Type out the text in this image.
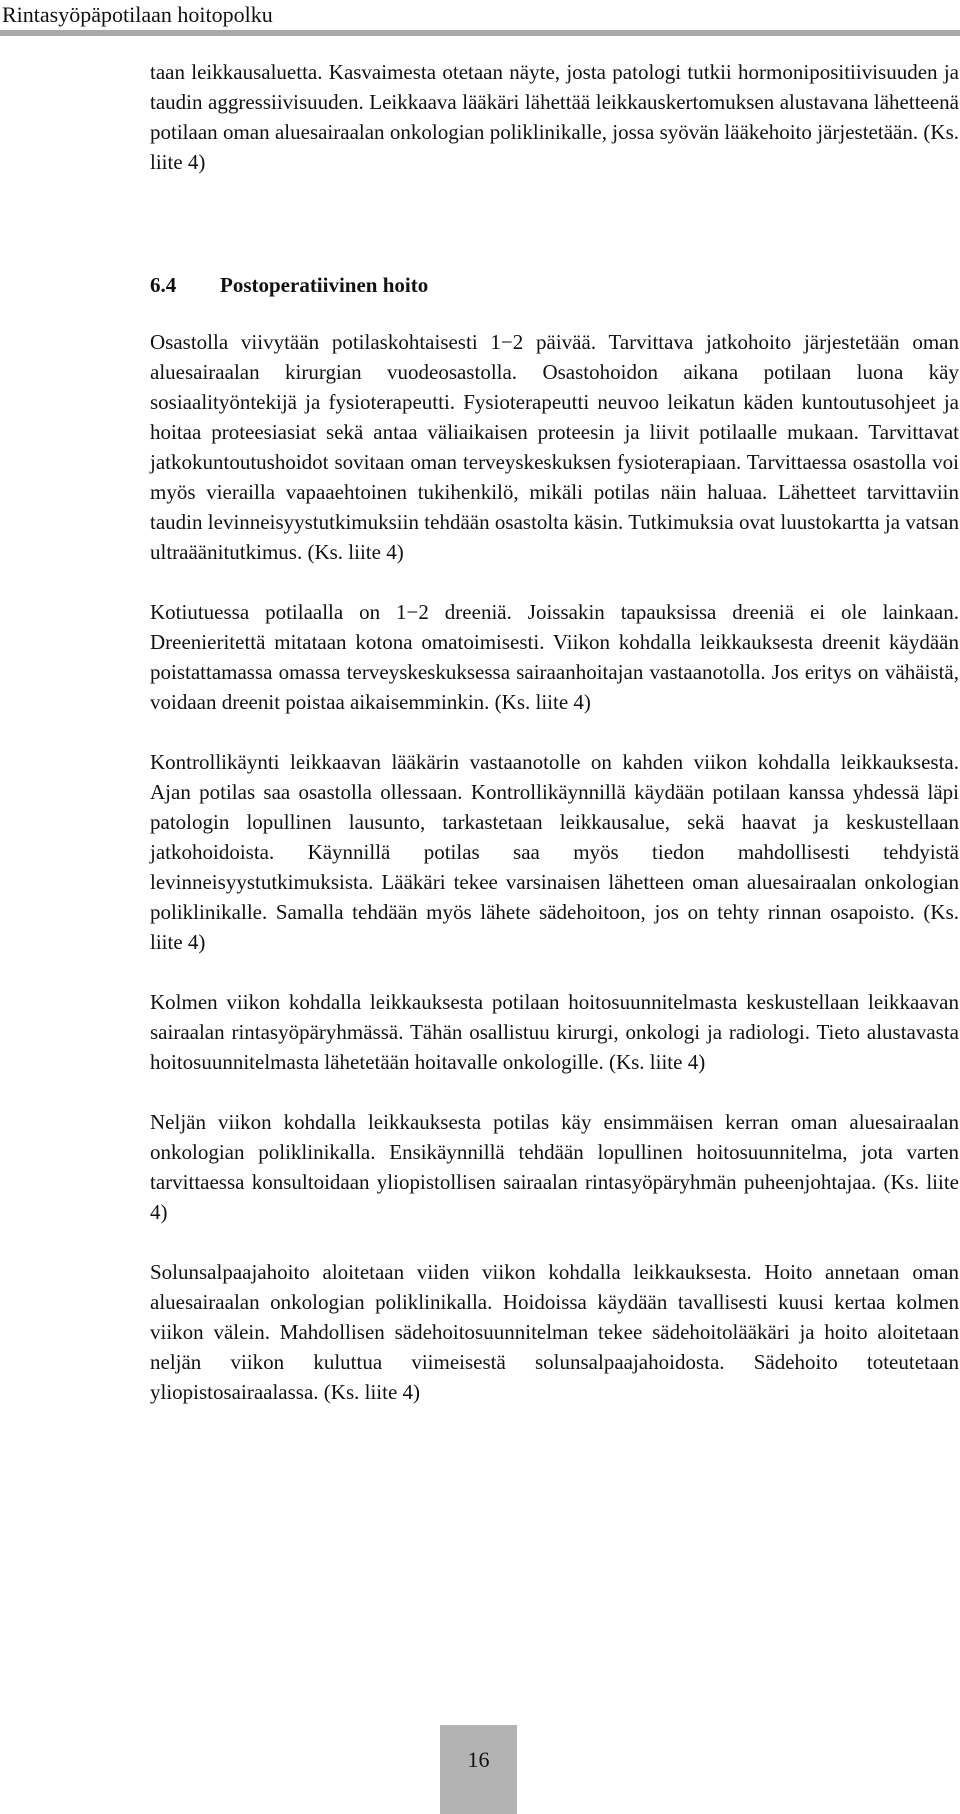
Rintasyöpäpotilaan hoitopolku

taan leikkausaluetta. Kasvaimesta otetaan näyte, josta patologi tutkii hormonipositiivisuuden ja taudin aggressiivisuuden. Leikkaava lääkäri lähettää leikkauskertomuksen alustavana lähetteenä potilaan oman aluesairaalan onkologian poliklinikalle, jossa syövän lääkehoito järjestetään. (Ks. liite 4)

6.4 Postoperatiivinen hoito

Osastolla viivytään potilaskohtaisesti 1−2 päivää. Tarvittava jatkohoito järjestetään oman aluesairaalan kirurgian vuodeosastolla. Osastohoidon aikana potilaan luona käy sosiaalityöntekijä ja fysioterapeutti. Fysioterapeutti neuvoo leikatun käden kuntoutusohjeet ja hoitaa proteesiasiat sekä antaa väliaikaisen proteesin ja liivit potilaalle mukaan. Tarvittavat jatkokuntoutushoidot sovitaan oman terveyskeskuksen fysioterapiaan. Tarvittaessa osastolla voi myös vierailla vapaaehtoinen tukihenkilö, mikäli potilas näin haluaa. Lähetteet tarvittaviin taudin levinneisyystutkimuksiin tehdään osastolta käsin. Tutkimuksia ovat luustokartta ja vatsan ultraäänitutkimus. (Ks. liite 4)

Kotiutuessa potilaalla on 1−2 dreeniä. Joissakin tapauksissa dreeniä ei ole lainkaan. Dreenieritettä mitataan kotona omatoimisesti. Viikon kohdalla leikkauksesta dreenit käydään poistattamassa omassa terveyskeskuksessa sairaanhoitajan vastaanotolla. Jos eritys on vähäistä, voidaan dreenit poistaa aikaisemminkin. (Ks. liite 4)

Kontrollikäynti leikkaavan lääkärin vastaanotolle on kahden viikon kohdalla leikkauksesta. Ajan potilas saa osastolla ollessaan. Kontrollikäynnillä käydään potilaan kanssa yhdessä läpi patologin lopullinen lausunto, tarkastetaan leikkausalue, sekä haavat ja keskustellaan jatkohoidoista. Käynnillä potilas saa myös tiedon mahdollisesti tehdyistä levinneisyystutkimuksista. Lääkäri tekee varsinaisen lähetteen oman aluesairaalan onkologian poliklinikalle. Samalla tehdään myös lähete sädehoitoon, jos on tehty rinnan osapoisto. (Ks. liite 4)

Kolmen viikon kohdalla leikkauksesta potilaan hoitosuunnitelmasta keskustellaan leikkaavan sairaalan rintasyöpäryhmässä. Tähän osallistuu kirurgi, onkologi ja radiologi. Tieto alustavasta hoitosuunnitelmasta lähetetään hoitavalle onkologille. (Ks. liite 4)

Neljän viikon kohdalla leikkauksesta potilas käy ensimmäisen kerran oman aluesairaalan onkologian poliklinikalla. Ensikäynnillä tehdään lopullinen hoitosuunnitelma, jota varten tarvittaessa konsultoidaan yliopistollisen sairaalan rintasyöpäryhmän puheenjohtajaa. (Ks. liite 4)

Solunsalpaajahoito aloitetaan viiden viikon kohdalla leikkauksesta. Hoito annetaan oman aluesairaalan onkologian poliklinikalla. Hoidoissa käydään tavallisesti kuusi kertaa kolmen viikon välein. Mahdollisen sädehoitosuunnitelman tekee sädehoitolääkäri ja hoito aloitetaan neljän viikon kuluttua viimeisestä solunsalpaajahoidosta. Sädehoito toteutetaan yliopistosairaalassa. (Ks. liite 4)

16
